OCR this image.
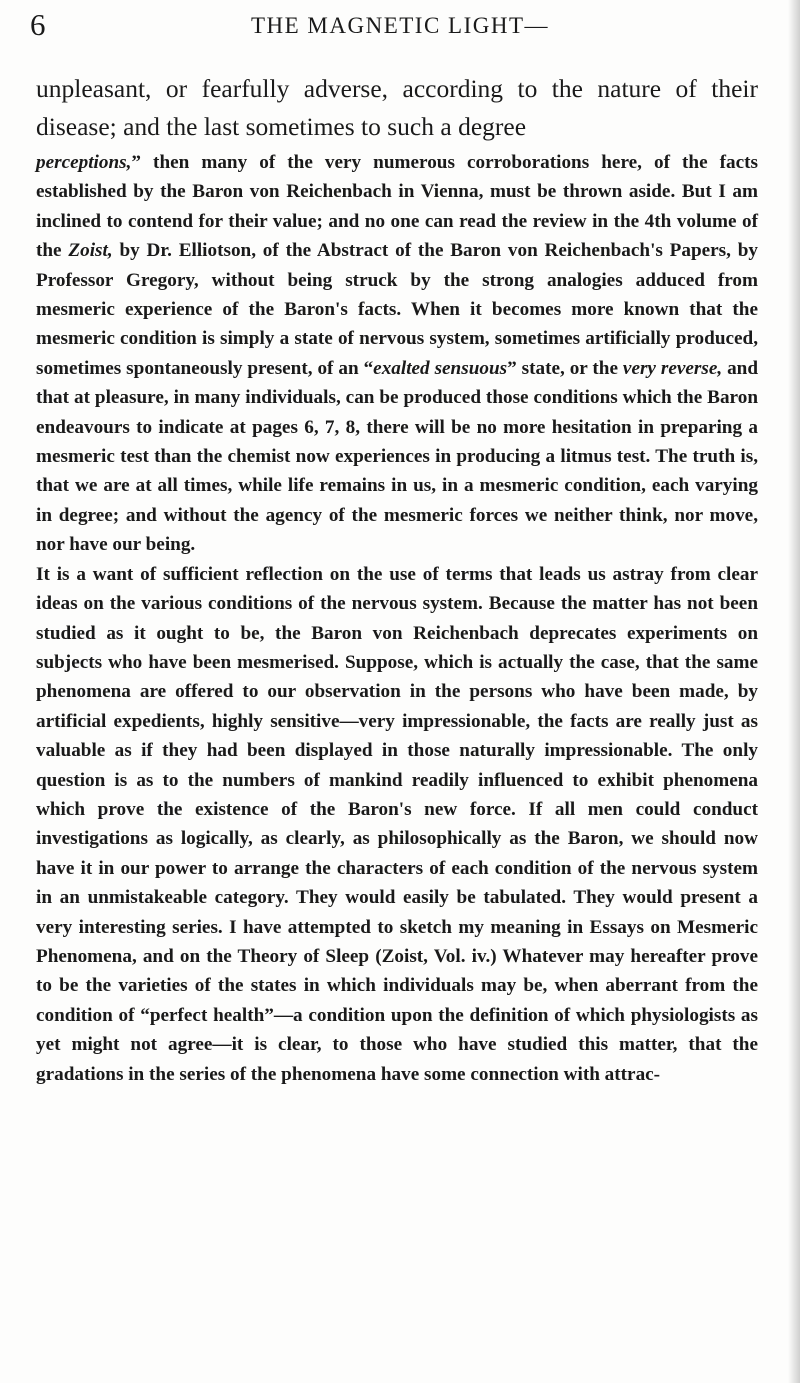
6	THE MAGNETIC LIGHT—

unpleasant, or fearfully adverse, according to the nature of their disease; and the last sometimes to such a degree

perceptions,” then many of the very numerous corroborations here, of the facts established by the Baron von Reichenbach in Vienna, must be thrown aside. But I am inclined to contend for their value; and no one can read the review in the 4th volume of the Zoist, by Dr. Elliotson, of the Abstract of the Baron von Reichenbach's Papers, by Professor Gregory, without being struck by the strong analogies adduced from mesmeric experience of the Baron's facts. When it becomes more known that the mesmeric condition is simply a state of nervous system, sometimes artificially produced, sometimes spontaneously present, of an “exalted sensuous” state, or the very reverse, and that at pleasure, in many individuals, can be produced those conditions which the Baron endeavours to indicate at pages 6, 7, 8, there will be no more hesitation in preparing a mesmeric test than the chemist now experiences in producing a litmus test. The truth is, that we are at all times, while life remains in us, in a mesmeric condition, each varying in degree; and without the agency of the mesmeric forces we neither think, nor move, nor have our being.

It is a want of sufficient reflection on the use of terms that leads us astray from clear ideas on the various conditions of the nervous system. Because the matter has not been studied as it ought to be, the Baron von Reichenbach deprecates experiments on subjects who have been mesmerised. Suppose, which is actually the case, that the same phenomena are offered to our observation in the persons who have been made, by artificial expedients, highly sensitive—very impressionable, the facts are really just as valuable as if they had been displayed in those naturally impressionable. The only question is as to the numbers of mankind readily influenced to exhibit phenomena which prove the existence of the Baron's new force. If all men could conduct investigations as logically, as clearly, as philosophically as the Baron, we should now have it in our power to arrange the characters of each condition of the nervous system in an unmistakeable category. They would easily be tabulated. They would present a very interesting series. I have attempted to sketch my meaning in Essays on Mesmeric Phenomena, and on the Theory of Sleep (Zoist, Vol. iv.) Whatever may hereafter prove to be the varieties of the states in which individuals may be, when aberrant from the condition of “perfect health”—a condition upon the definition of which physiologists as yet might not agree—it is clear, to those who have studied this matter, that the gradations in the series of the phenomena have some connection with attrac-
